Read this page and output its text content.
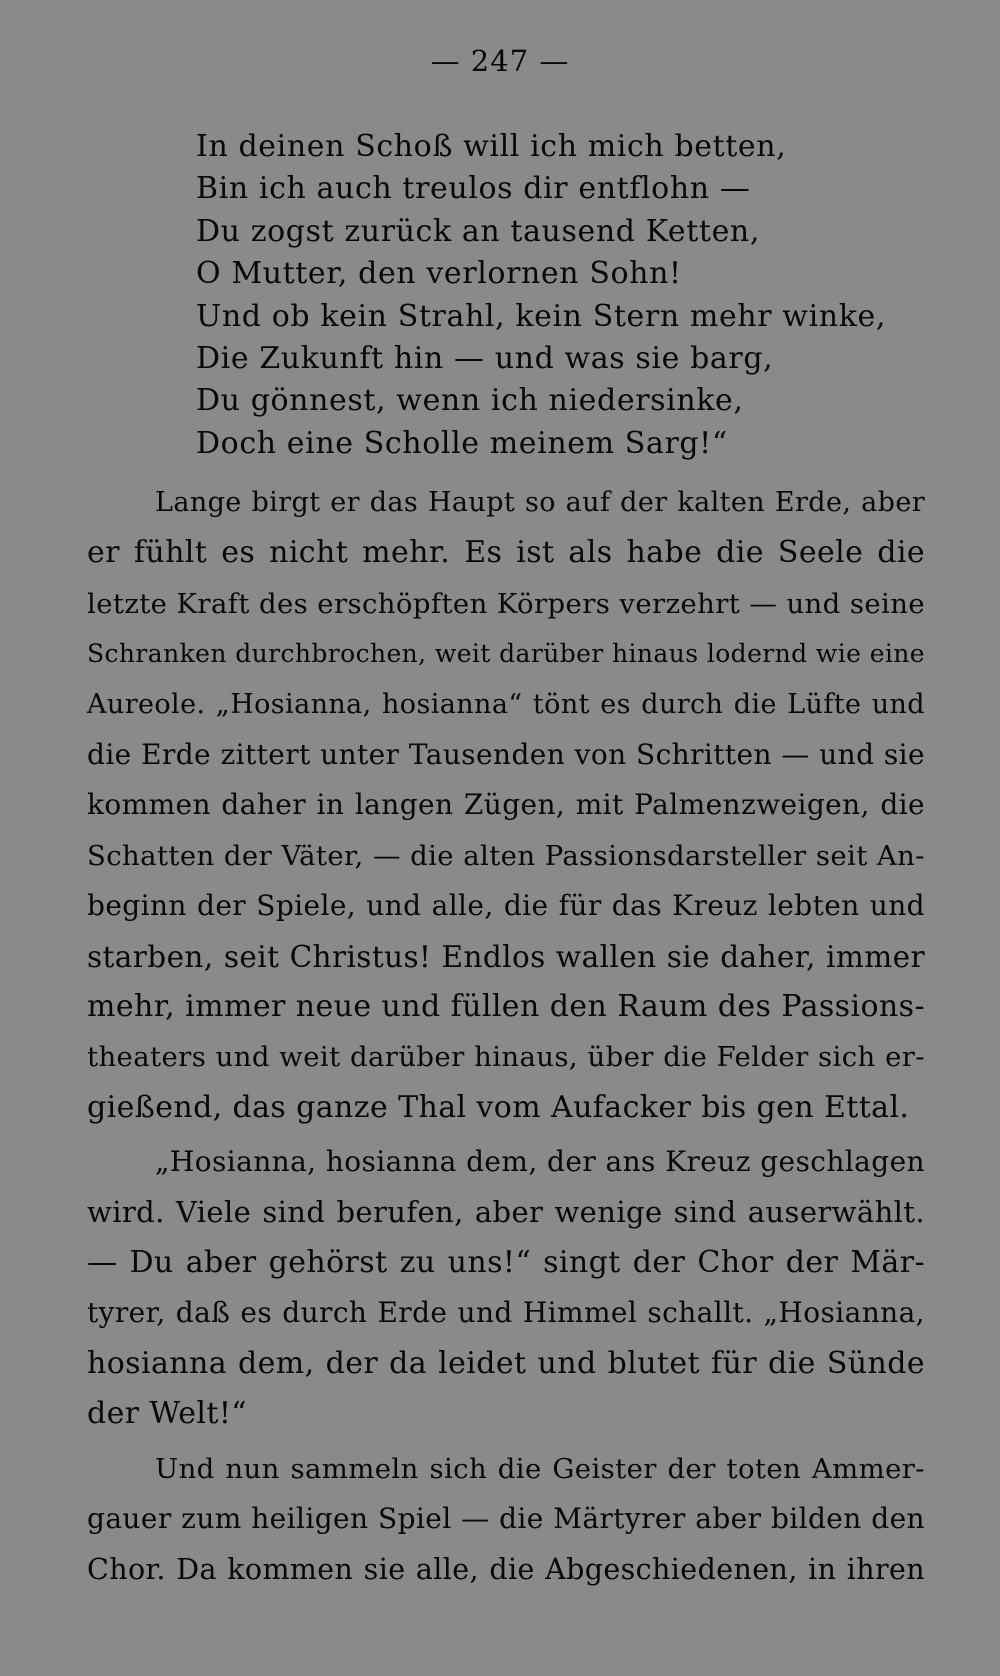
— 247 —
In deinen Schoß will ich mich betten,
Bin ich auch treulos dir entflohn —
Du zogst zurück an tausend Ketten,
O Mutter, den verlornen Sohn!
Und ob kein Strahl, kein Stern mehr winke,
Die Zukunft hin — und was sie barg,
Du gönnest, wenn ich niedersinke,
Doch eine Scholle meinem Sarg!“
Lange birgt er das Haupt so auf der kalten Erde, aber
er fühlt es nicht mehr. Es ist als habe die Seele die
letzte Kraft des erschöpften Körpers verzehrt — und seine
Schranken durchbrochen, weit darüber hinaus lodernd wie eine
Aureole. „Hosianna, hosianna“ tönt es durch die Lüfte und
die Erde zittert unter Tausenden von Schritten — und sie
kommen daher in langen Zügen, mit Palmenzweigen, die
Schatten der Väter, — die alten Passionsdarsteller seit An-
beginn der Spiele, und alle, die für das Kreuz lebten und
starben, seit Christus! Endlos wallen sie daher, immer
mehr, immer neue und füllen den Raum des Passions-
theaters und weit darüber hinaus, über die Felder sich er-
gießend, das ganze Thal vom Aufacker bis gen Ettal.
„Hosianna, hosianna dem, der ans Kreuz geschlagen
wird. Viele sind berufen, aber wenige sind auserwählt.
— Du aber gehörst zu uns!“ singt der Chor der Mär-
tyrer, daß es durch Erde und Himmel schallt. „Hosianna,
hosianna dem, der da leidet und blutet für die Sünde
der Welt!“
Und nun sammeln sich die Geister der toten Ammer-
gauer zum heiligen Spiel — die Märtyrer aber bilden den
Chor. Da kommen sie alle, die Abgeschiedenen, in ihren
